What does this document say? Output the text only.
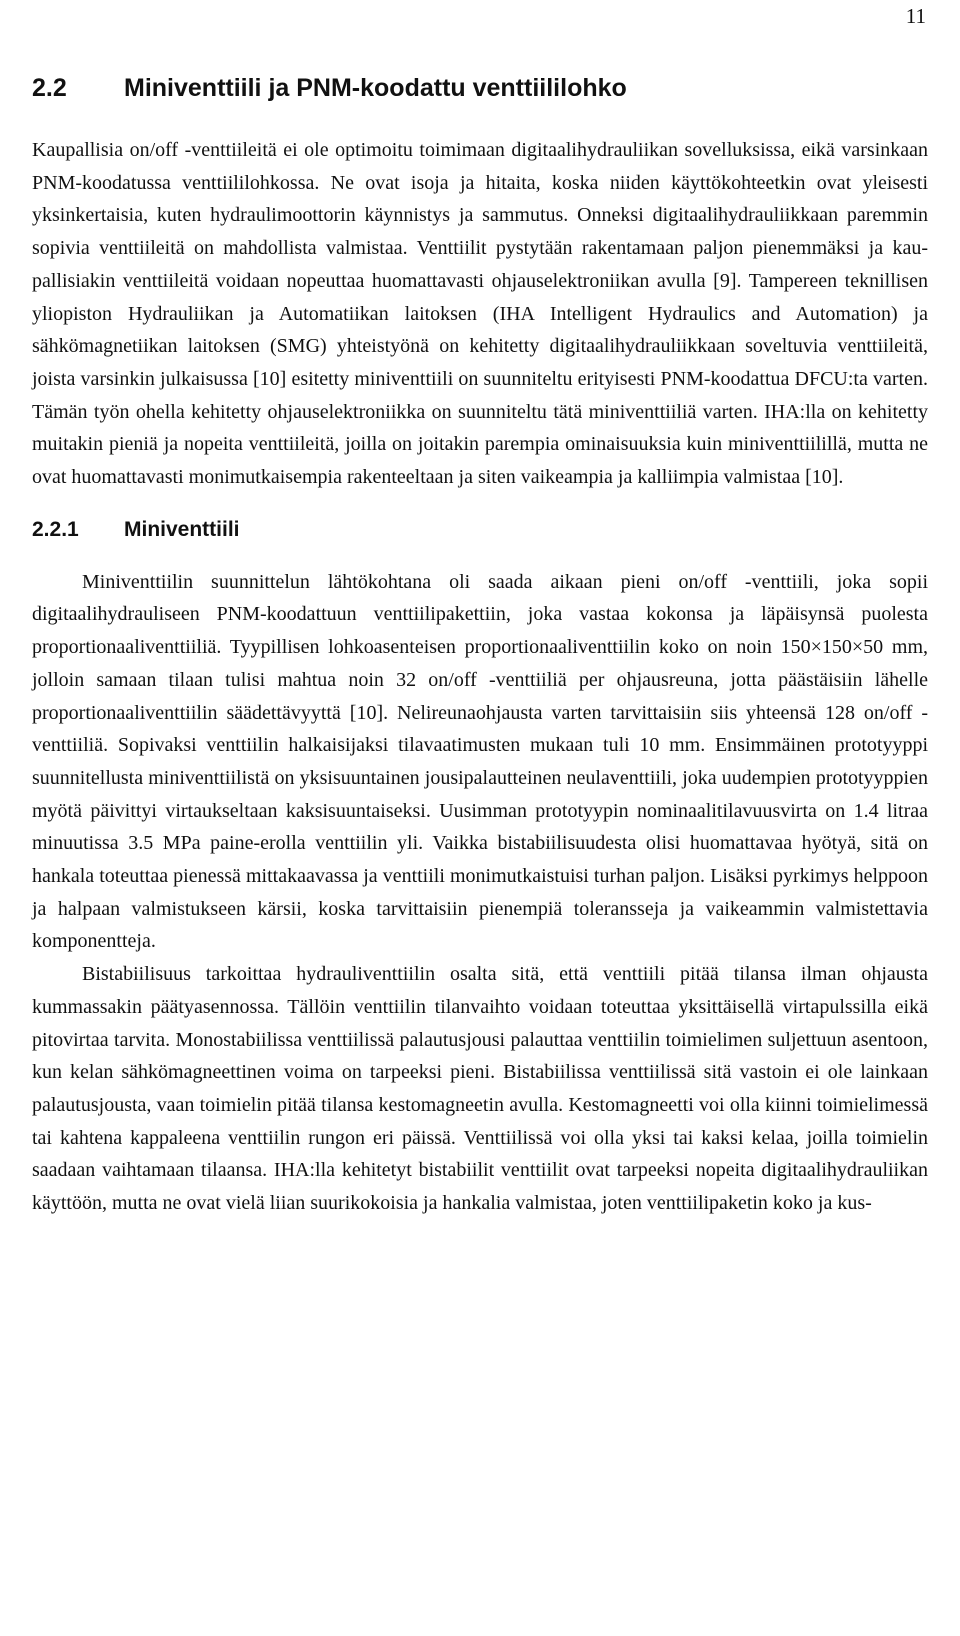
11
2.2	Miniventtiili ja PNM-koodattu venttiililohko

Kaupallisia on/off -venttiileitä ei ole optimoitu toimimaan digitaalihydrauliikan sovelluksissa, eikä varsinkaan PNM-koodatussa venttiililohkossa. Ne ovat isoja ja hitaita, koska niiden käyttökohteetkin ovat yleisesti yksinkertaisia, kuten hydraulimoottorin käynnistys ja sammutus. Onneksi digitaalihydrauliikkaan paremmin sopivia venttiileitä on mahdollista valmistaa. Venttiilit pystytään rakentamaan paljon pienemmäksi ja kaupallisiakin venttiileitä voidaan nopeuttaa huomattavasti ohjauselektroniikan avulla [9]. Tampereen teknillisen yliopiston Hydrauliikan ja Automatiikan laitoksen (IHA Intelligent Hydraulics and Automation) ja sähkömagnetiikan laitoksen (SMG) yhteistyönä on kehitetty digitaalihydrauliikkaan soveltuvia venttiileitä, joista varsinkin julkaisussa [10] esitetty miniventtiili on suunniteltu erityisesti PNM-koodattua DFCU:ta varten. Tämän työn ohella kehitetty ohjauselektroniikka on suunniteltu tätä miniventtiiliä varten. IHA:lla on kehitetty muitakin pieniä ja nopeita venttiileitä, joilla on joitakin parempia ominaisuuksia kuin miniventtiilillä, mutta ne ovat huomattavasti monimutkaisempia rakenteeltaan ja siten vaikeampia ja kalliimpia valmistaa [10].

2.2.1	Miniventtiili

Miniventtiilin suunnittelun lähtökohtana oli saada aikaan pieni on/off -venttiili, joka sopii digitaalihydrauliseen PNM-koodattuun venttiilipakettiin, joka vastaa kokonsa ja läpäisynsä puolesta proportionaaliventtiiliä. Tyypillisen lohkoasenteisen proportionaaliventtiilin koko on noin 150×150×50 mm, jolloin samaan tilaan tulisi mahtua noin 32 on/off -venttiiliä per ohjausreuna, jotta päästäisiin lähelle proportionaaliventtiilin säädettävyyttä [10]. Nelireunaohjausta varten tarvittaisiin siis yhteensä 128 on/off -venttiiliä. Sopivaksi venttiilin halkaisijaksi tilavaatimusten mukaan tuli 10 mm. Ensimmäinen prototyyppi suunnitellusta miniventtiilistä on yksisuuntainen jousipalautteinen neulaventtiili, joka uudempien prototyyppien myötä päivittyi virtaukseltaan kaksisuuntaiseksi. Uusimman prototyypin nominaalitilavuusvirta on 1.4 litraa minuutissa 3.5 MPa paine-erolla venttiilin yli. Vaikka bistabiilisuudesta olisi huomattavaa hyötyä, sitä on hankala toteuttaa pienessä mittakaavassa ja venttiili monimutkaistuisi turhan paljon. Lisäksi pyrkimys helppoon ja halpaan valmistukseen kärsii, koska tarvittaisiin pienempiä toleransseja ja vaikeammin valmistettavia komponentteja.

Bistabiilisuus tarkoittaa hydrauliventtiilin osalta sitä, että venttiili pitää tilansa ilman ohjausta kummassakin päätyasennossa. Tällöin venttiilin tilanvaihto voidaan toteuttaa yksittäisellä virtapulssilla eikä pitovirtaa tarvita. Monostabiilissa venttiilissä palautusjousi palauttaa venttiilin toimielimen suljettuun asentoon, kun kelan sähkömagneettinen voima on tarpeeksi pieni. Bistabiilissa venttiilissä sitä vastoin ei ole lainkaan palautusjousta, vaan toimielin pitää tilansa kestomagneetin avulla. Kestomagneetti voi olla kiinni toimielimessä tai kahtena kappaleena venttiilin rungon eri päissä. Venttiilissä voi olla yksi tai kaksi kelaa, joilla toimielin saadaan vaihtamaan tilaansa. IHA:lla kehitetyt bistabiilit venttiilit ovat tarpeeksi nopeita digitaalihydrauliikan käyttöön, mutta ne ovat vielä liian suurikokoisia ja hankalia valmistaa, joten venttiilipaketin koko ja kus-
